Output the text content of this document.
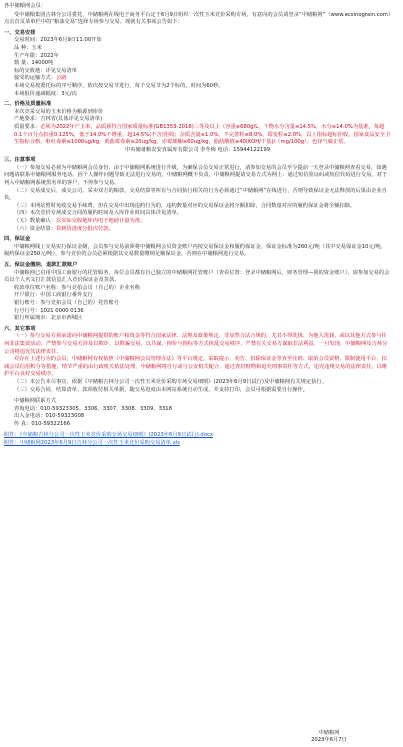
各中储粮网会员：

受中储粮集团吉林分公司委托，中储粮网在线电子商务平台定于6月9日组织一次性玉米竞价采购专场，有意向的会员请登录“中储粮网”（www.ecsinograin.com）点击首页菜单栏中的“粮油交易”选择专场参与交易。现就有关事项公告如下：

一、交易安排

交易时间：2023年6月9日11:00开始

品 种：玉米

生产年限：2022年

数 量：14000吨

标的交收地：详见交易清单

接受的运输方式：公路

本场交易按委托标的序号顺序，依次按交易节进行，每个交易节为2个标的，时间为60秒。

本场报价递减幅度：3元/次

二、价格及质量标准

本次竞采交易的玉米价格为粮源到库价

产地要求：吉林省(具体详见交易清单)

质量要求：必须为2022年产玉米，品质须符合国家质量标准(GB1353-2018)三等及以上（容重≥680g/L，干物水分含量≤14.5%，水分≤14.0%为基准，每超0.1个百分点扣重0.125%，低于14.0%不增重，超14.5%(不含)拒收；杂质含量≤1.0%，不完善粒≤8.0%，霉变粒≤2.0%，以上指标超标拒收。国家食品安全卫生指标合格，呕吐毒素≤1000ug/kg，黄曲霉毒素≤20ug/kg，赤霉烯酮≤60ug/kg，脂肪酸值≤40(KOH/干基)/（mg/100g）；色泽气味正常。

中央储备粮农安直属库有限公司 李冬梅 电话：15944122199

三、注意事项

（一）参加交易必须为中储粮网会员身份，由于中储粮网系统进行升级，为确保会员交易正常进行，请参加交易的会员至少提前一天登录中储粮网查看交易，如遇问题请联系中储粮网服务电话。因个人操作问题导致无法进行交易的，中储粮网概不负责，中储粮网提请交易方式为网上：通过短信验证码或短信代码进行交易。对于列入中储粮网系统黑名单的客户，不得参与交易。

（二）交易成交后，成交公司、采卖双方的粮款，交易结算等所有与合同执行相关的行为必须通过“中储粮网”在线进行，否则导致保证金无法释放的后果由企业自负。

（三）本网站暂时免收交易手续费，但在交易中出现违约行为的，违约数量对应的交易保证金将全额扣除，合同数量对应的履约保证金将全额扣除。

（四）本次竞价专场成交合同的履约时间及入库作业时间具体详见清单。

（五）数量确认：以实际交收地库内电子地磅计量为准。

（六）资金结算：货到货进度分批次付款。

四、保证金

中储粮网线上交易实行保证金制，会员参与交易前须将中储粮网会员资金账户内按交易保证金和履约保证金，保证金标准为260元/吨（其中交易保证金10元/吨，履约保证金250元/吨），参与竞价的会员必须根据其交易数量缴纳足额保证金，否则在中储粮网进行交易。

五、保证金缴纳、退款汇款账户

中储粮网已启用中国工商银行的托管服务，每位会员都有自己独立的中储粮网托管账户（查看位置：登录中储粮网后，财务管理—我的资金账户），请参加交易的会员以个人名义打汇款信息汇入竞价保证金及货款。

收款单位账户名称：参与竞拍会员（自己的）企业名称

开户银行：中国工商银行番外支行

银行账号：参与竞拍会员（自己的）托管账号

行号行号：1021 0000 0136

银行所属城市：北京市西城区

六、其它事项

（一）参与交易方须承诺向中储粮网提供的账户和资金等符合国家法律、法规及政策规定，非显然合法合规的，尤其不得洗钱、为他人洗钱、或以其他方式参与任何非法集资活动，严禁参与交易方涉及以欺诈、以欺骗交易、以共谋、抑价与围标等方式扰乱交易秩序，严禁有关交易方谋取非法利益，一旦发现，中储粮网及吉林分公司将追究其法律责任。

对存在上述行为的会员，中储粮网有权依照《中储粮网会员管理办法》等平台规定，采取提示、劝告、扣除保证金等直至注销、取消会员资格、限制使用平台、扣减会员信用积分等措施，情节严重的由行政机关依法处理。中储粮网将自行或与公安机关配合、通过查封财物和追究刑事责任等方式，追究违规交易的法律责任，以维护平台良好交易秩序。

（二）本公告未尽事宜，依据《中储粮吉林分公司一次性玉米竞价采购专场交易细则》(2023年6月9日试行)及中储粮网有关规定执行。

（三）交易合同、结算清单、款项收付相关单据，随交易进度由本网站系统自动生成，并支持打印，会员可根据需要自行操作。

中储粮网联系方式

咨询电话：010-59323305、3306、3307、3308、3309、3318

出入金电话：010-59323008

传 真：010-59322166

附件：《中储粮吉林分公司一次性玉米竞价采购专场交易细则》(2023年6月9日试行).docx

附件：中储粮网2023年6月9日吉林分公司一次性玉米竞价采购交易清单.xls

中储粮网

2023年6月7日
